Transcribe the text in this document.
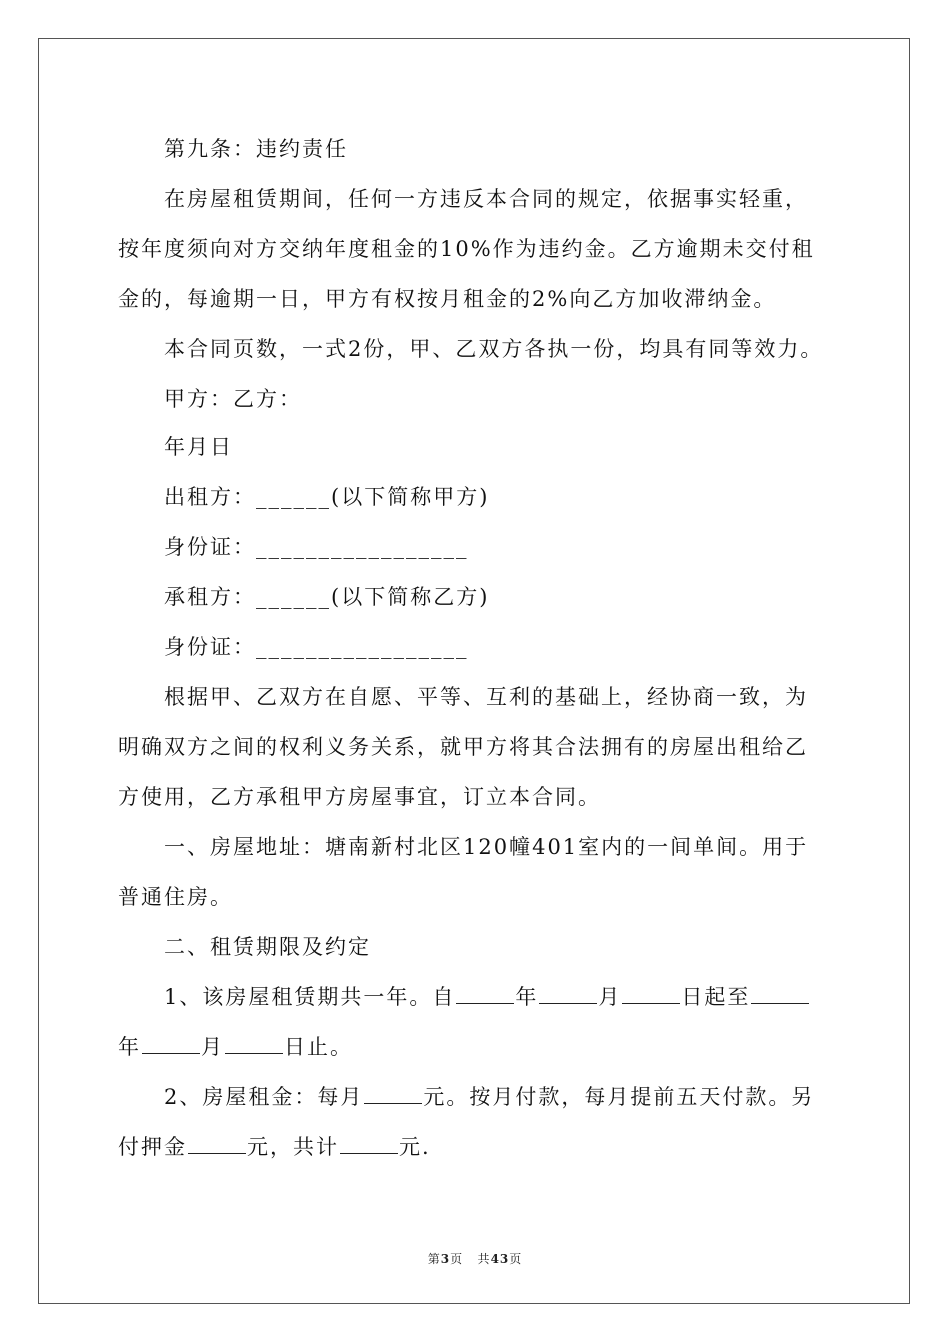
第九条：违约责任
在房屋租赁期间，任何一方违反本合同的规定，依据事实轻重，
按年度须向对方交纳年度租金的10%作为违约金。乙方逾期未交付租
金的，每逾期一日，甲方有权按月租金的2%向乙方加收滞纳金。
本合同页数，一式2份，甲、乙双方各执一份，均具有同等效力。
甲方：乙方：
年月日
出租方：______(以下简称甲方)
身份证：_________________
承租方：______(以下简称乙方)
身份证：_________________
根据甲、乙双方在自愿、平等、互利的基础上，经协商一致，为
明确双方之间的权利义务关系，就甲方将其合法拥有的房屋出租给乙
方使用，乙方承租甲方房屋事宜，订立本合同。
一、房屋地址：塘南新村北区120幢401室内的一间单间。用于
普通住房。
二、租赁期限及约定
1、该房屋租赁期共一年。自	年	月	日起至
年	月	日止。
2、房屋租金：每月	元。按月付款，每月提前五天付款。另
付押金	元，共计	元.
第3页 共43页
